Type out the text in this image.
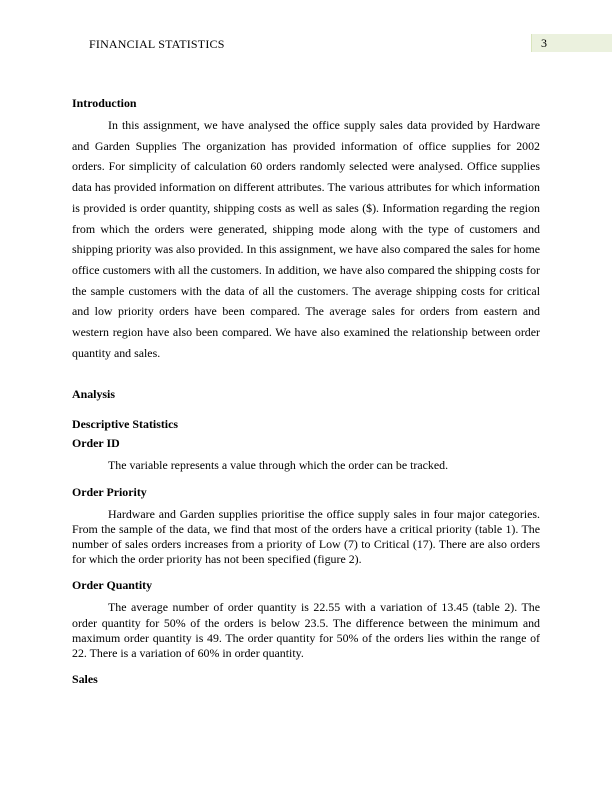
FINANCIAL STATISTICS	3
Introduction

In this assignment, we have analysed the office supply sales data provided by Hardware and Garden Supplies The organization has provided information of office supplies for 2002 orders. For simplicity of calculation 60 orders randomly selected were analysed. Office supplies data has provided information on different attributes. The various attributes for which information is provided is order quantity, shipping costs as well as sales ($). Information regarding the region from which the orders were generated, shipping mode along with the type of customers and shipping priority was also provided. In this assignment, we have also compared the sales for home office customers with all the customers. In addition, we have also compared the shipping costs for the sample customers with the data of all the customers. The average shipping costs for critical and low priority orders have been compared. The average sales for orders from eastern and western region have also been compared. We have also examined the relationship between order quantity and sales.

Analysis
Descriptive Statistics
Order ID

The variable represents a value through which the order can be tracked.

Order Priority

Hardware and Garden supplies prioritise the office supply sales in four major categories. From the sample of the data, we find that most of the orders have a critical priority (table 1). The number of sales orders increases from a priority of Low (7) to Critical (17). There are also orders for which the order priority has not been specified (figure 2).

Order Quantity

The average number of order quantity is 22.55 with a variation of 13.45 (table 2). The order quantity for 50% of the orders is below 23.5. The difference between the minimum and maximum order quantity is 49. The order quantity for 50% of the orders lies within the range of 22. There is a variation of 60% in order quantity.

Sales
